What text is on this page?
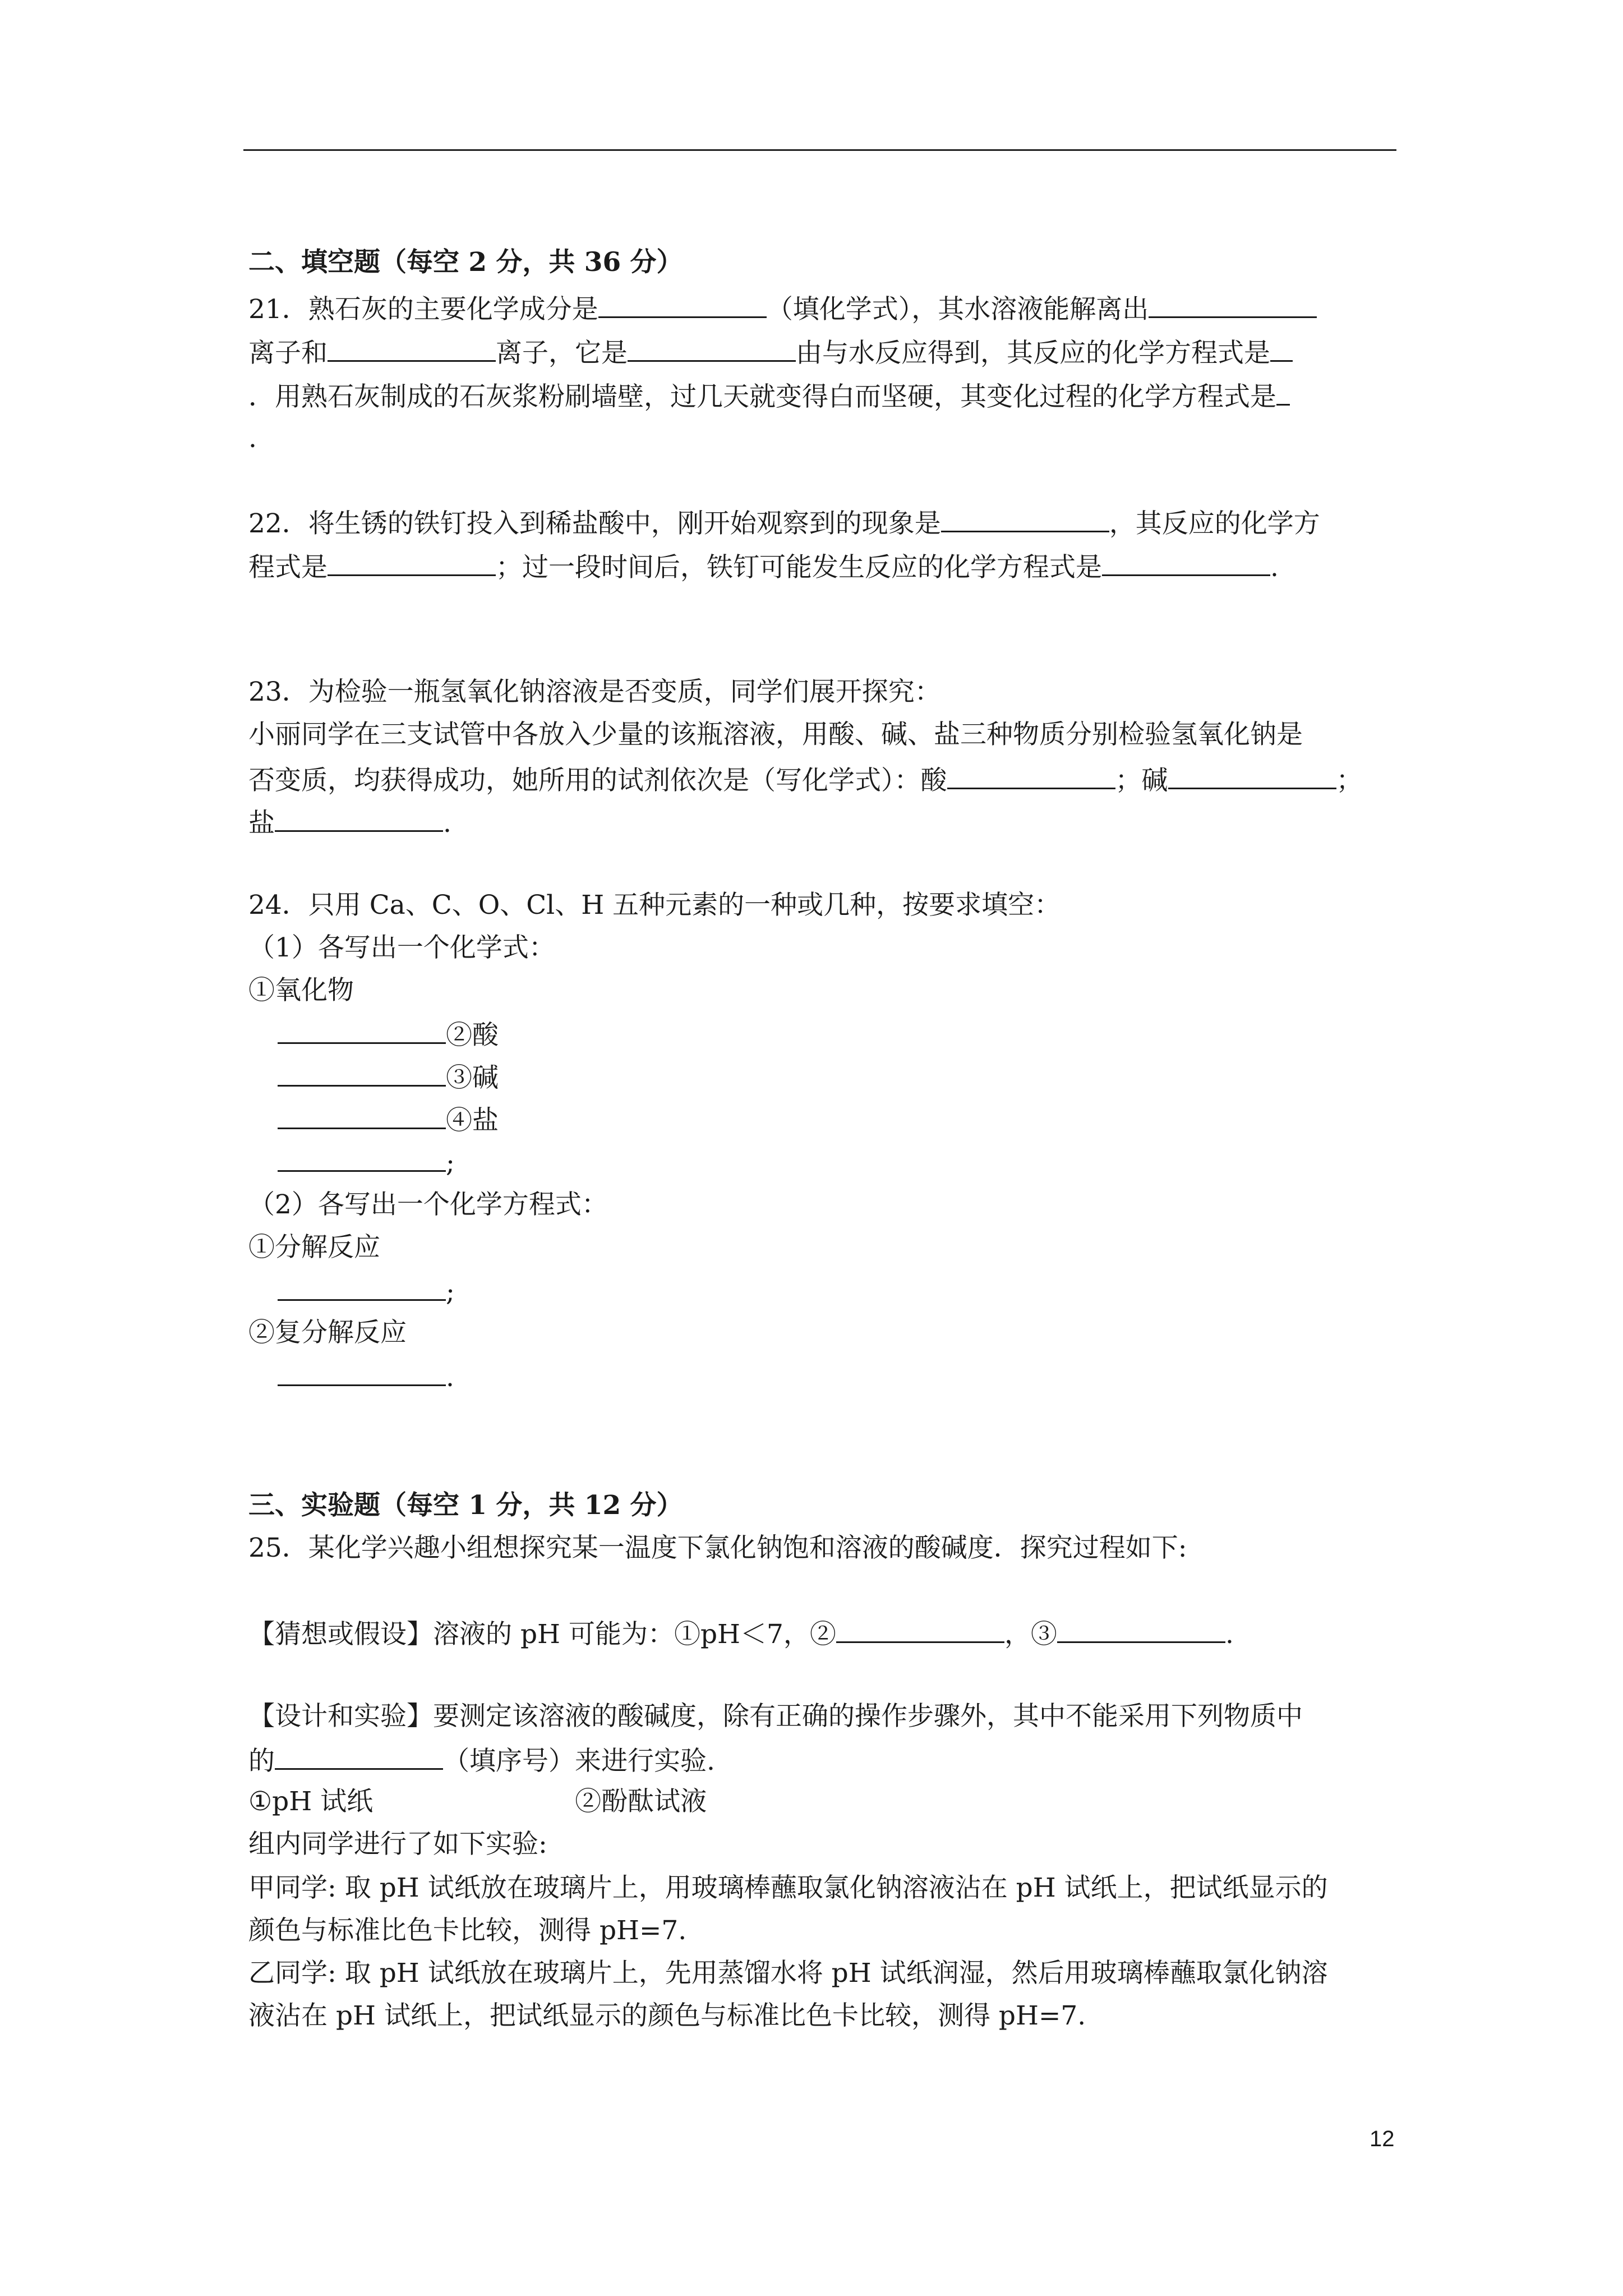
二、填空题（每空 2 分，共 36 分）
21．熟石灰的主要化学成分是	（填化学式），其水溶液能解离出
离子和	离子，它是	由与水反应得到，其反应的化学方程式是
．用熟石灰制成的石灰浆粉刷墙壁，过几天就变得白而坚硬，其变化过程的化学方程式是
.
22．将生锈的铁钉投入到稀盐酸中，刚开始观察到的现象是	，其反应的化学方
程式是	；过一段时间后，铁钉可能发生反应的化学方程式是	.
23．为检验一瓶氢氧化钠溶液是否变质，同学们展开探究：
小丽同学在三支试管中各放入少量的该瓶溶液，用酸、碱、盐三种物质分别检验氢氧化钠是
否变质，均获得成功，她所用的试剂依次是（写化学式）：酸	；碱	；
盐	.
24．只用 Ca、C、O、Cl、H 五种元素的一种或几种，按要求填空：
（1）各写出一个化学式：
①氧化物
②酸
③碱
④盐
;
（2）各写出一个化学方程式：
①分解反应
;
②复分解反应
.
三、实验题（每空 1 分，共 12 分）
25．某化学兴趣小组想探究某一温度下氯化钠饱和溶液的酸碱度．探究过程如下:
【猜想或假设】溶液的 pH 可能为：①pH＜7，②	，③	.
【设计和实验】要测定该溶液的酸碱度，除有正确的操作步骤外，其中不能采用下列物质中
的	（填序号）来进行实验.
①pH 试纸	②酚酞试液
组内同学进行了如下实验:
甲同学: 取 pH 试纸放在玻璃片上，用玻璃棒蘸取氯化钠溶液沾在 pH 试纸上，把试纸显示的
颜色与标准比色卡比较，测得 pH=7.
乙同学: 取 pH 试纸放在玻璃片上，先用蒸馏水将 pH 试纸润湿，然后用玻璃棒蘸取氯化钠溶
液沾在 pH 试纸上，把试纸显示的颜色与标准比色卡比较，测得 pH=7.
12
